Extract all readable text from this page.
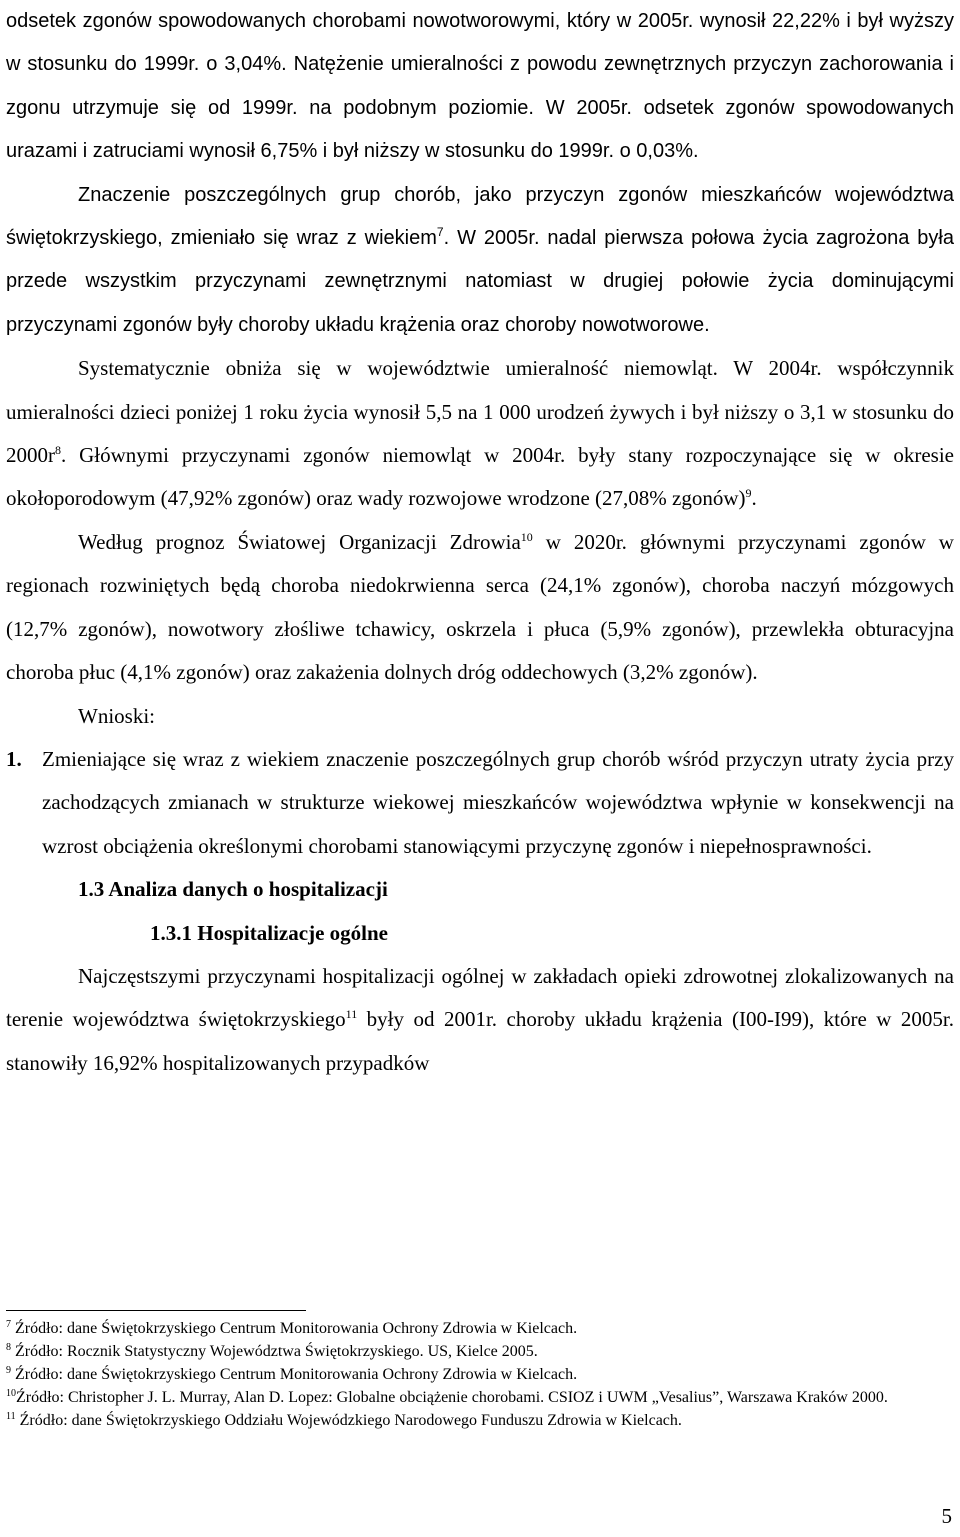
odsetek zgonów spowodowanych chorobami nowotworowymi, który w 2005r. wynosił 22,22% i był wyższy w stosunku do 1999r. o 3,04%. Natężenie umieralności z powodu zewnętrznych przyczyn zachorowania i zgonu utrzymuje się od 1999r. na podobnym poziomie. W 2005r. odsetek zgonów spowodowanych urazami i zatruciami wynosił 6,75% i był niższy w stosunku do 1999r. o 0,03%.

Znaczenie poszczególnych grup chorób, jako przyczyn zgonów mieszkańców województwa świętokrzyskiego, zmieniało się wraz z wiekiem$^7$. W 2005r. nadal pierwsza połowa życia zagrożona była przede wszystkim przyczynami zewnętrznymi natomiast w drugiej połowie życia dominującymi przyczynami zgonów były choroby układu krążenia oraz choroby nowotworowe.

Systematycznie obniża się w województwie umieralność niemowląt. W 2004r. współczynnik umieralności dzieci poniżej 1 roku życia wynosił 5,5 na 1 000 urodzeń żywych i był niższy o 3,1 w stosunku do $2000r^8$. Głównymi przyczynami zgonów niemowląt w 2004r. były stany rozpoczynające się w okresie okołoporodowym (47,92% zgonów) oraz wady rozwojowe wrodzone (27,08% zgonów)$^9$.

Według prognoz Światowej Organizacji Zdrowia$^{10}$ w 2020r. głównymi przyczynami zgonów w regionach rozwiniętych będą choroba niedokrwienna serca (24,1% zgonów), choroba naczyń mózgowych (12,7% zgonów), nowotwory złośliwe tchawicy, oskrzela i płuca (5,9% zgonów), przewlekła obturacyjna choroba płuc (4,1% zgonów) oraz zakażenia dolnych dróg oddechowych (3,2% zgonów).

Wnioski:

1. Zmieniające się wraz z wiekiem znaczenie poszczególnych grup chorób wśród przyczyn utraty życia przy zachodzących zmianach w strukturze wiekowej mieszkańców województwa wpłynie w konsekwencji na wzrost obciążenia określonymi chorobami stanowiącymi przyczynę zgonów i niepełnosprawności.

1.3 Analiza danych o hospitalizacji

1.3.1 Hospitalizacje ogólne

Najczęstszymi przyczynami hospitalizacji ogólnej w zakładach opieki zdrowotnej zlokalizowanych na terenie województwa świętokrzyskiego$^{11}$ były od 2001r. choroby układu krążenia (I00-I99), które w 2005r. stanowiły 16,92% hospitalizowanych przypadków

$^7$ Źródło: dane Świętokrzyskiego Centrum Monitorowania Ochrony Zdrowia w Kielcach.

$^8$ Źródło: Rocznik Statystyczny Województwa Świętokrzyskiego. US, Kielce 2005.

$^9$ Źródło: dane Świętokrzyskiego Centrum Monitorowania Ochrony Zdrowia w Kielcach.

$^{10}$Źródło: Christopher J. L. Murray, Alan D. Lopez: Globalne obciążenie chorobami. CSIOZ i UWM „Vesalius”, Warszawa Kraków 2000.

$^{11}$ Źródło: dane Świętokrzyskiego Oddziału Wojewódzkiego Narodowego Funduszu Zdrowia w Kielcach.

5
